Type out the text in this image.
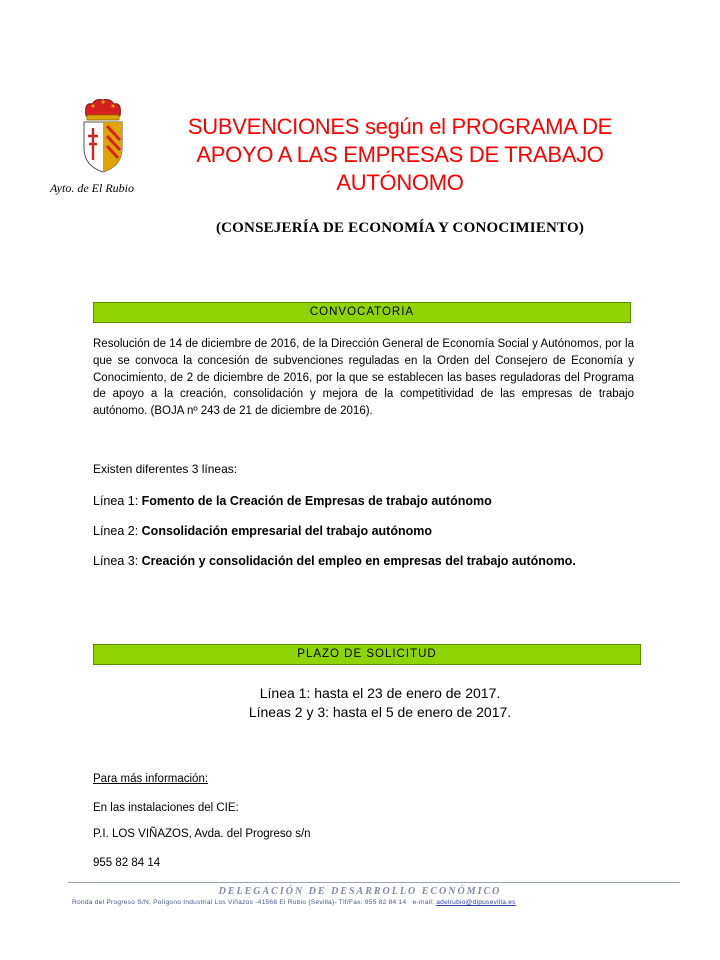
Ayto. de El Rubio
SUBVENCIONES según el PROGRAMA DE
APOYO A LAS EMPRESAS DE TRABAJO
AUTÓNOMO
(CONSEJERÍA DE ECONOMÍA Y CONOCIMIENTO)
CONVOCATORIA
Resolución de 14 de diciembre de 2016, de la Dirección General de Economía Social y Autónomos, por la que se convoca la concesión de subvenciones reguladas en la Orden del Consejero de Economía y Conocimiento, de 2 de diciembre de 2016, por la que se establecen las bases reguladoras del Programa de apoyo a la creación, consolidación y mejora de la competitividad de las empresas de trabajo autónomo. (BOJA nº 243 de 21 de diciembre de 2016).
Existen diferentes 3 líneas:
Línea 1: Fomento de la Creación de Empresas de trabajo autónomo
Línea 2: Consolidación empresarial del trabajo autónomo
Línea 3: Creación y consolidación del empleo en empresas del trabajo autónomo.
PLAZO DE SOLICITUD
Línea 1: hasta el 23 de enero de 2017.
Líneas 2 y 3: hasta el 5 de enero de 2017.
Para más información:
En las instalaciones del CIE:
P.I. LOS VIÑAZOS, Avda. del Progreso s/n
955 82 84 14
DELEGACIÓN DE DESARROLLO ECONÓMICO
Ronda del Progreso S/N, Polígono Industrial Los Viñazos -41568 El Rubio (Sevilla)- Tlf/Fax: 955 82 84 14 e-mail: adelrubio@dipusevilla.es
